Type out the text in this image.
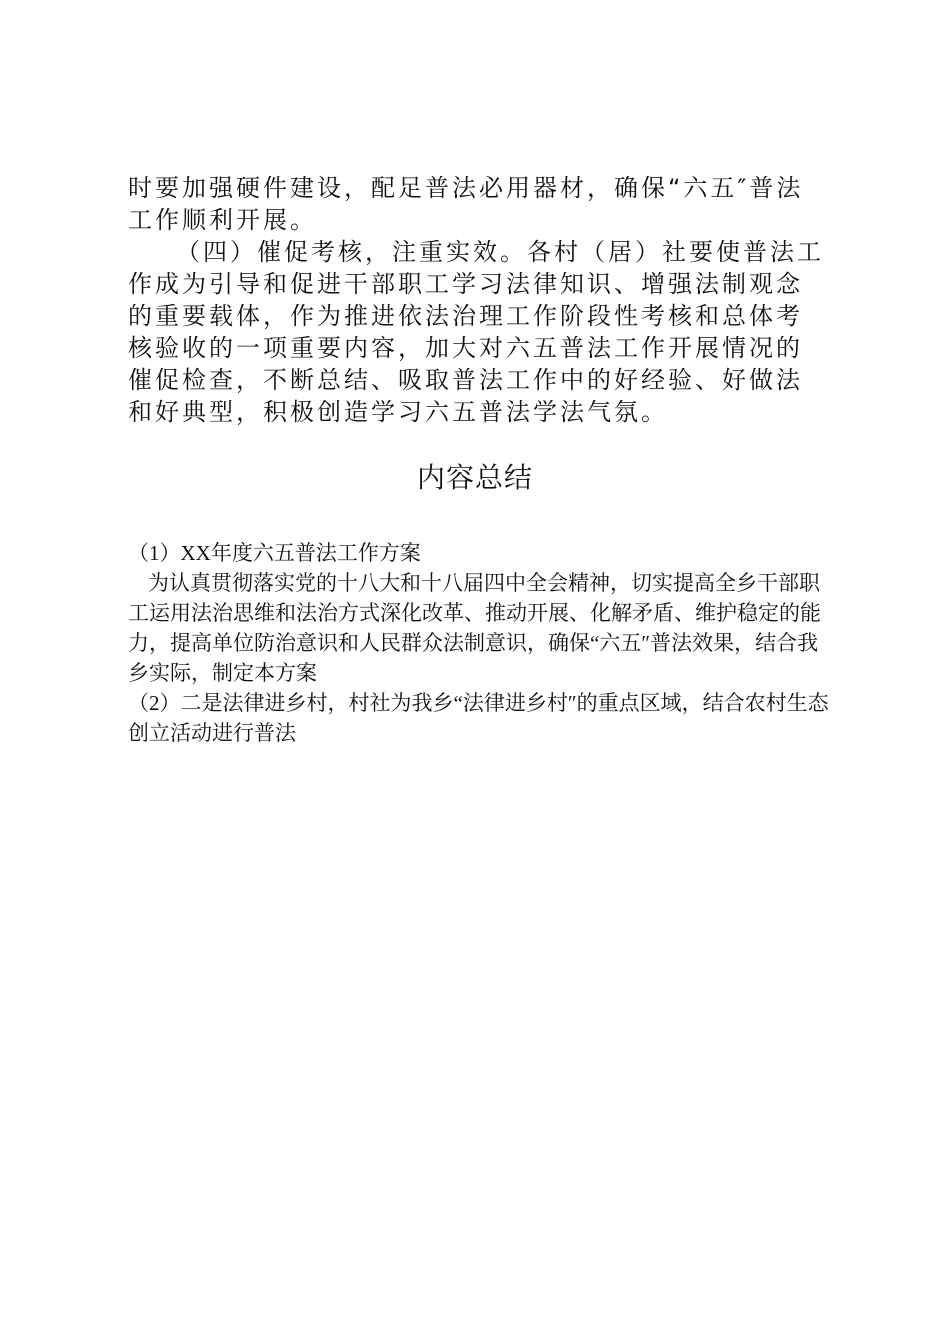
时要加强硬件建设，配足普法必用器材，确保“六五″普法工作顺利开展。

（四）催促考核，注重实效。各村（居）社要使普法工作成为引导和促进干部职工学习法律知识、增强法制观念的重要载体，作为推进依法治理工作阶段性考核和总体考核验收的一项重要内容，加大对六五普法工作开展情况的催促检查，不断总结、吸取普法工作中的好经验、好做法和好典型，积极创造学习六五普法学法气氛。

内容总结

（1）XX年度六五普法工作方案

为认真贯彻落实党的十八大和十八届四中全会精神，切实提高全乡干部职工运用法治思维和法治方式深化改革、推动开展、化解矛盾、维护稳定的能力，提高单位防治意识和人民群众法制意识，确保“六五″普法效果，结合我乡实际，制定本方案

（2）二是法律进乡村，村社为我乡“法律进乡村″的重点区域，结合农村生态创立活动进行普法
